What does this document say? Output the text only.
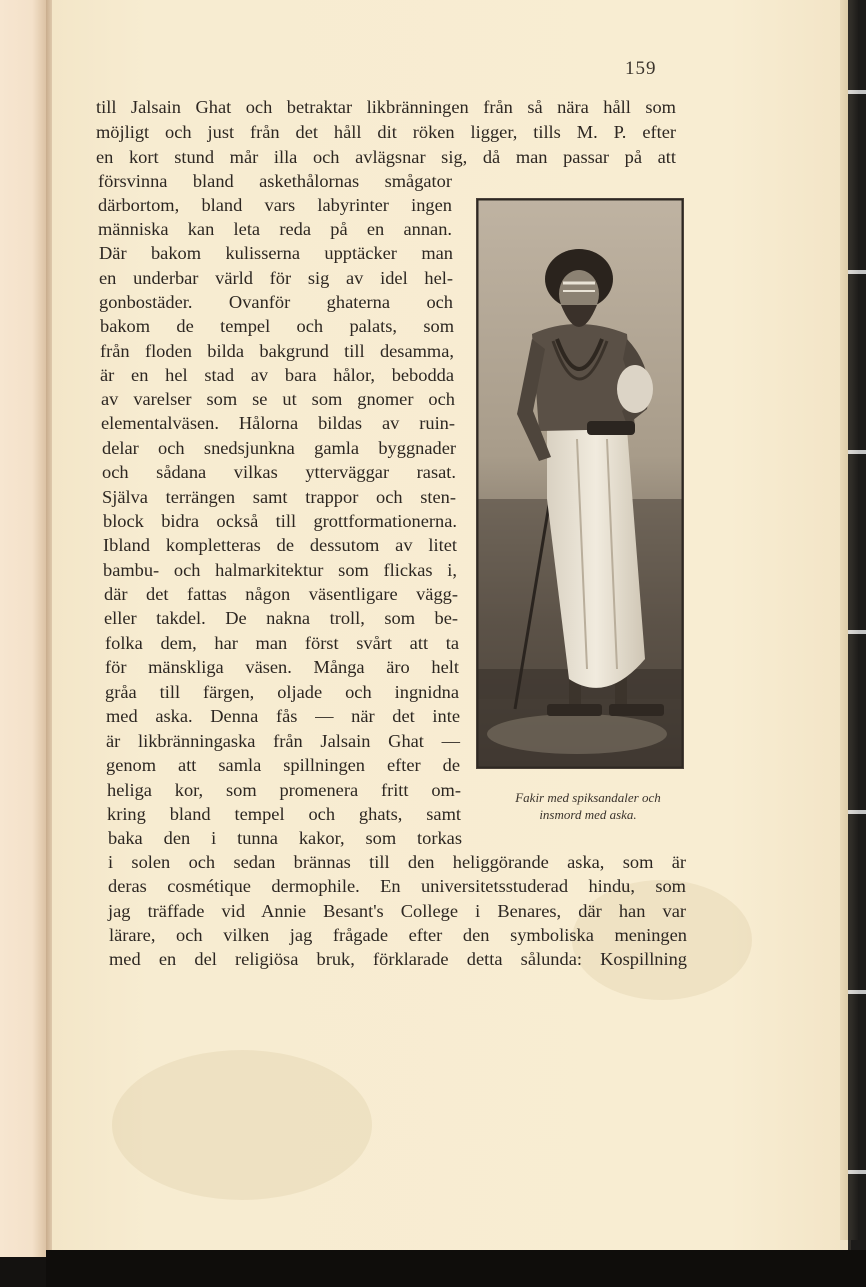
159
till Jalsain Ghat och betraktar likbränningen från så nära håll som
möjligt och just från det håll dit röken ligger, tills M. P. efter
en kort stund mår illa och avlägsnar sig, då man passar på att
försvinna bland askethålornas smågator
därbortom, bland vars labyrinter ingen
människa kan leta reda på en annan.
Där bakom kulisserna upptäcker man
en underbar värld för sig av idel hel-
gonbostäder. Ovanför ghaterna och
bakom de tempel och palats, som
från floden bilda bakgrund till desamma,
är en hel stad av bara hålor, bebodda
av varelser som se ut som gnomer och
elementalväsen. Hålorna bildas av ruin-
delar och snedsjunkna gamla byggnader
och sådana vilkas ytterväggar rasat.
Själva terrängen samt trappor och sten-
block bidra också till grottformationerna.
Ibland kompletteras de dessutom av litet
bambu- och halmarkitektur som flickas i,
där det fattas någon väsentligare vägg-
eller takdel. De nakna troll, som be-
folka dem, har man först svårt att ta
för mänskliga väsen. Många äro helt
gråa till färgen, oljade och ingnidna
med aska. Denna fås — när det inte
är likbränningaska från Jalsain Ghat —
genom att samla spillningen efter de
heliga kor, som promenera fritt om-
kring bland tempel och ghats, samt
baka den i tunna kakor, som torkas
i solen och sedan brännas till den heliggörande aska, som är
deras cosmétique dermophile. En universitetsstuderad hindu, som
jag träffade vid Annie Besant's College i Benares, där han var
lärare, och vilken jag frågade efter den symboliska meningen
med en del religiösa bruk, förklarade detta sålunda: Kospillning
Fakir med spiksandaler och
insmord med aska.
